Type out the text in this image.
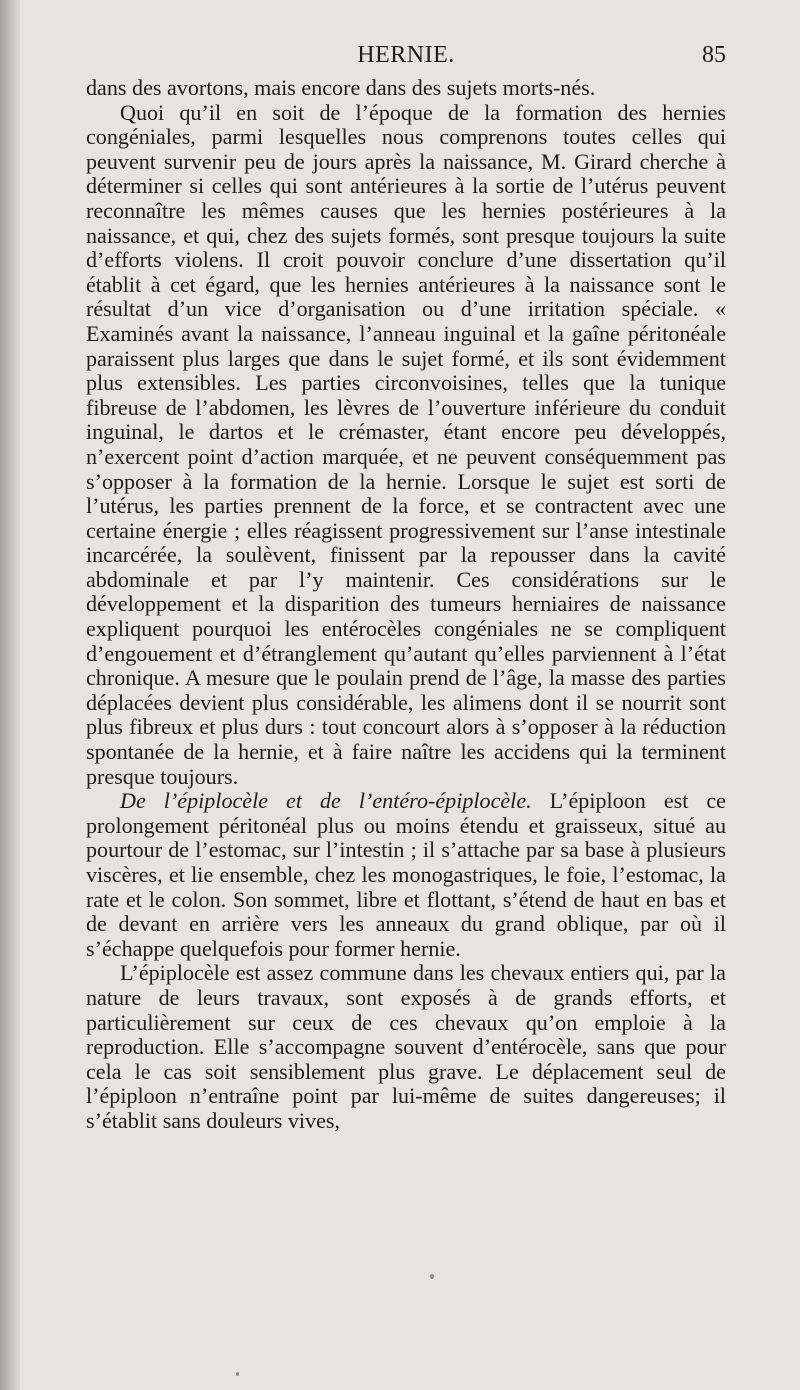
HERNIE.	85

dans des avortons, mais encore dans des sujets morts-nés.

Quoi qu’il en soit de l’époque de la formation des hernies congéniales, parmi lesquelles nous comprenons toutes celles qui peuvent survenir peu de jours après la naissance, M. Girard cherche à déterminer si celles qui sont antérieures à la sortie de l’utérus peuvent reconnaître les mêmes causes que les hernies postérieures à la naissance, et qui, chez des sujets formés, sont presque toujours la suite d’efforts violens. Il croit pouvoir conclure d’une dissertation qu’il établit à cet égard, que les hernies antérieures à la naissance sont le résultat d’un vice d’organisation ou d’une irritation spéciale. « Examinés avant la naissance, l’anneau inguinal et la gaîne péritonéale paraissent plus larges que dans le sujet formé, et ils sont évidemment plus extensibles. Les parties circonvoisines, telles que la tunique fibreuse de l’abdomen, les lèvres de l’ouverture inférieure du conduit inguinal, le dartos et le crémaster, étant encore peu développés, n’exercent point d’action marquée, et ne peuvent conséquemment pas s’opposer à la formation de la hernie. Lorsque le sujet est sorti de l’utérus, les parties prennent de la force, et se contractent avec une certaine énergie ; elles réagissent progressivement sur l’anse intestinale incarcérée, la soulèvent, finissent par la repousser dans la cavité abdominale et par l’y maintenir. Ces considérations sur le développement et la disparition des tumeurs herniaires de naissance expliquent pourquoi les entérocèles congéniales ne se compliquent d’engouement et d’étranglement qu’autant qu’elles parviennent à l’état chronique. A mesure que le poulain prend de l’âge, la masse des parties déplacées devient plus considérable, les alimens dont il se nourrit sont plus fibreux et plus durs : tout concourt alors à s’opposer à la réduction spontanée de la hernie, et à faire naître les accidens qui la terminent presque toujours.

De l’épiplocèle et de l’entéro-épiplocèle. L’épiploon est ce prolongement péritonéal plus ou moins étendu et graisseux, situé au pourtour de l’estomac, sur l’intestin ; il s’attache par sa base à plusieurs viscères, et lie ensemble, chez les monogastriques, le foie, l’estomac, la rate et le colon. Son sommet, libre et flottant, s’étend de haut en bas et de devant en arrière vers les anneaux du grand oblique, par où il s’échappe quelquefois pour former hernie.

L’épiplocèle est assez commune dans les chevaux entiers qui, par la nature de leurs travaux, sont exposés à de grands efforts, et particulièrement sur ceux de ces chevaux qu’on emploie à la reproduction. Elle s’accompagne souvent d’entérocèle, sans que pour cela le cas soit sensiblement plus grave. Le déplacement seul de l’épiploon n’entraîne point par lui-même de suites dangereuses; il s’établit sans douleurs vives,
